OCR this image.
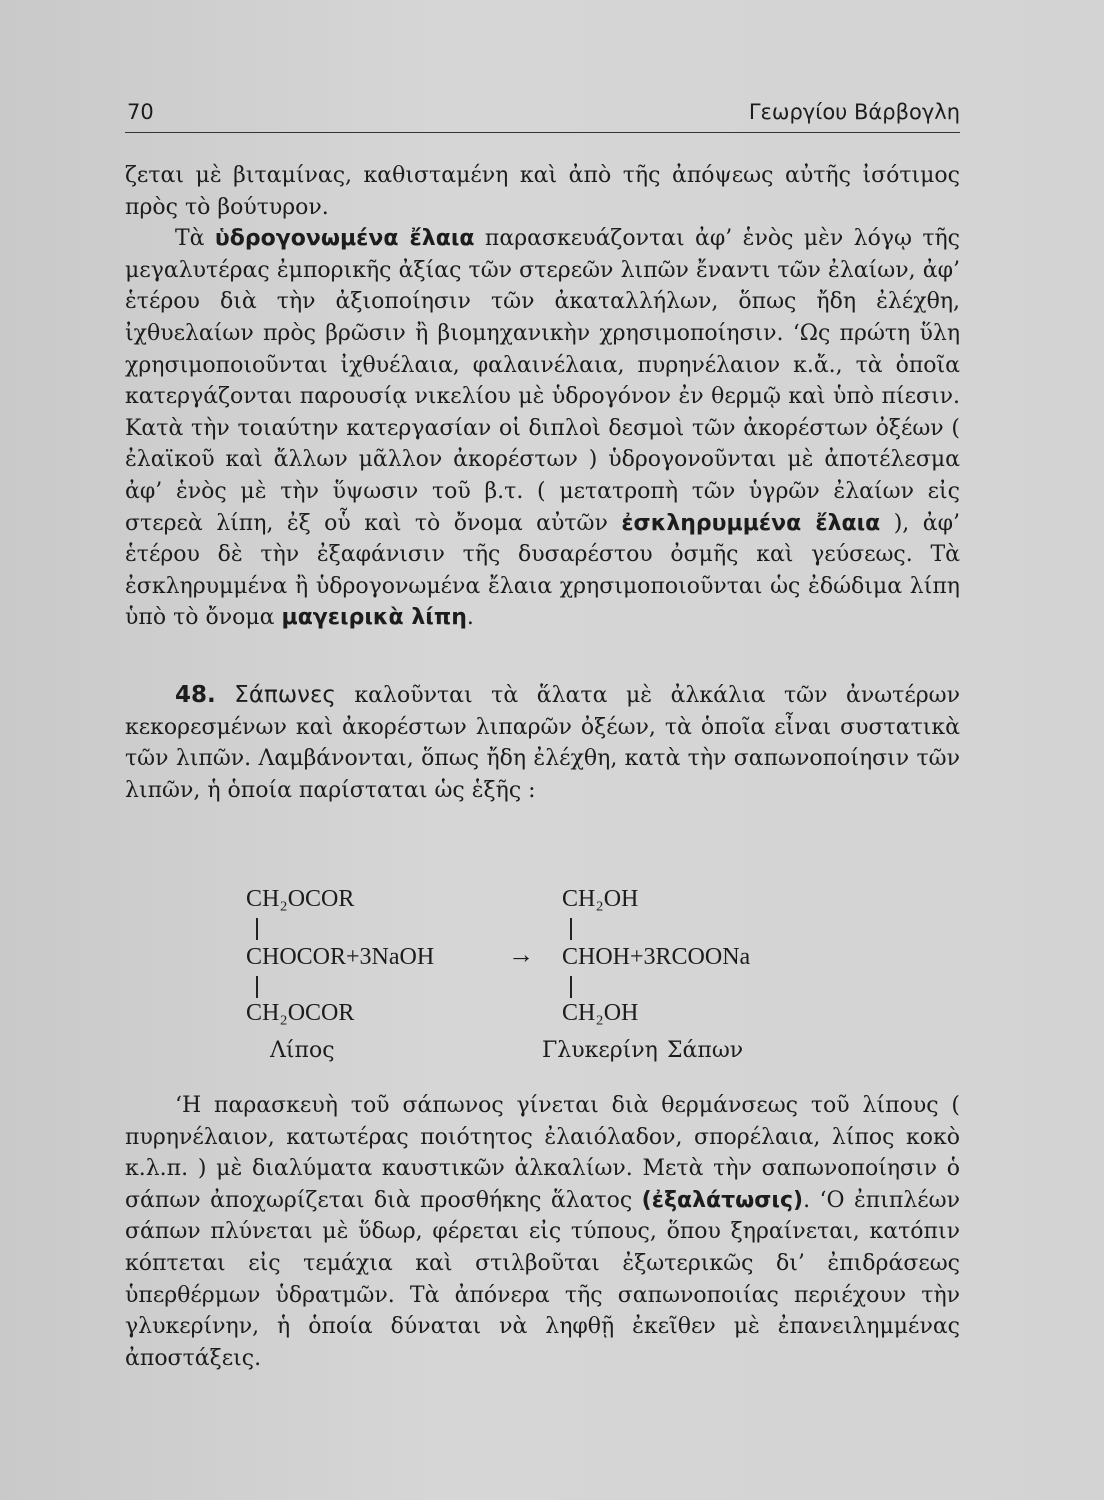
70	Γεωργίου Βάρβογλη

ζεται μὲ βιταμίνας, καθισταμένη καὶ ἀπὸ τῆς ἀπόψεως αὐτῆς ἰσότιμος πρὸς τὸ βούτυρον.

Τὰ ὑδρογονωμένα ἔλαια παρασκευάζονται ἀφ’ ἑνὸς μὲν λόγῳ τῆς μεγαλυτέρας ἐμπορικῆς ἀξίας τῶν στερεῶν λιπῶν ἔναντι τῶν ἐλαίων, ἀφ’ ἑτέρου διὰ τὴν ἀξιοποίησιν τῶν ἀκαταλλήλων, ὅπως ἤδη ἐλέχθη, ἰχθυελαίων πρὸς βρῶσιν ἢ βιομηχανικὴν χρησιμοποίησιν. ‘Ως πρώτη ὕλη χρησιμοποιοῦνται ἰχθυέλαια, φαλαινέλαια, πυρηνέλαιον κ.ἄ., τὰ ὁποῖα κατεργάζονται παρουσίᾳ νικελίου μὲ ὑδρογόνον ἐν θερμῷ καὶ ὑπὸ πίεσιν. Κατὰ τὴν τοιαύτην κατεργασίαν οἱ διπλοὶ δεσμοὶ τῶν ἀκορέστων ὀξέων ( ἐλαϊκοῦ καὶ ἄλλων μᾶλλον ἀκορέστων ) ὑδρογονοῦνται μὲ ἀποτέλεσμα ἀφ’ ἑνὸς μὲ τὴν ὕψωσιν τοῦ β.τ. ( μετατροπὴ τῶν ὑγρῶν ἐλαίων εἰς στερεὰ λίπη, ἐξ οὗ καὶ τὸ ὄνομα αὐτῶν ἐσκληρυμμένα ἔλαια ), ἀφ’ ἑτέρου δὲ τὴν ἐξαφάνισιν τῆς δυσαρέστου ὀσμῆς καὶ γεύσεως. Τὰ ἐσκληρυμμένα ἢ ὑδρογονωμένα ἔλαια χρησιμοποιοῦνται ὡς ἐδώδιμα λίπη ὑπὸ τὸ ὄνομα μαγειρικὰ λίπη.

48. Σάπωνες καλοῦνται τὰ ἅλατα μὲ ἀλκάλια τῶν ἀνωτέρων κεκορεσμένων καὶ ἀκορέστων λιπαρῶν ὀξέων, τὰ ὁποῖα εἶναι συστατικὰ τῶν λιπῶν. Λαμβάνονται, ὅπως ἤδη ἐλέχθη, κατὰ τὴν σαπωνοποίησιν τῶν λιπῶν, ἡ ὁποία παρίσταται ὡς ἑξῆς :

CH₂OCOR
CHOCOR+3NaOH
CH₂OCOR
Λίπος
→
CH₂OH
CHOH+3RCOONa
CH₂OH
Γλυκερίνη Σάπων

‘Η παρασκευὴ τοῦ σάπωνος γίνεται διὰ θερμάνσεως τοῦ λίπους ( πυρηνέλαιον, κατωτέρας ποιότητος ἐλαιόλαδον, σπορέλαια, λίπος κοκὸ κ.λ.π. ) μὲ διαλύματα καυστικῶν ἀλκαλίων. Μετὰ τὴν σαπωνοποίησιν ὁ σάπων ἀποχωρίζεται διὰ προσθήκης ἅλατος (ἐξαλάτωσις). ‘Ο ἐπιπλέων σάπων πλύνεται μὲ ὕδωρ, φέρεται εἰς τύπους, ὅπου ξηραίνεται, κατόπιν κόπτεται εἰς τεμάχια καὶ στιλβοῦται ἐξωτερικῶς δι’ ἐπιδράσεως ὑπερθέρμων ὑδρατμῶν. Τὰ ἀπόνερα τῆς σαπωνοποιίας περιέχουν τὴν γλυκερίνην, ἡ ὁποία δύναται νὰ ληφθῇ ἐκεῖθεν μὲ ἐπανειλημμένας ἀποστάξεις.
